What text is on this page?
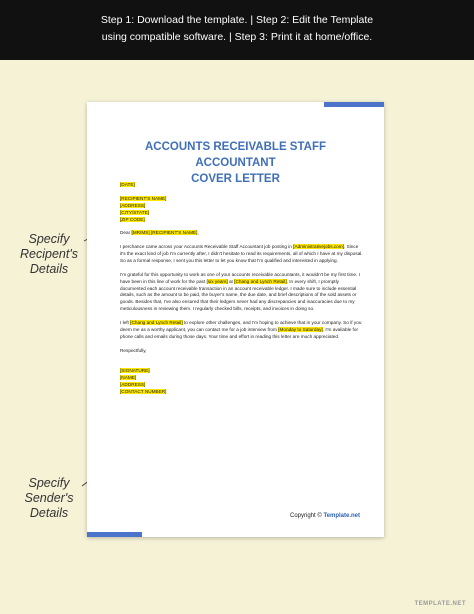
Step 1: Download the template. | Step 2: Edit the Template
using compatible software. | Step 3: Print it at home/office.
Specify
Recipent's
Details
Specify
Sender's
Details
ACCOUNTS RECEIVABLE STAFF ACCOUNTANT
COVER LETTER

[DATE]

[RECIPIENT'S NAME]

[ADDRESS]

[CITY/STATE]

[ZIP CODE]

Dear [MR/MS] [RECIPIENT'S NAME],

I perchance came across your Accounts Receivable Staff Accountant job posting in [Administrativejobs.com]. Since it's the exact kind of job I'm currently after, I didn't hesitate to read its requirements, all of which I have at my disposal. So as a formal response, I sent you this letter to let you know that I'm qualified and interested in applying.

I'm grateful for this opportunity to work as one of your accounts receivable accountants, it wouldn't be my first time. I have been in this line of work for the past [six years] at [Chang and Lynch Retail]. In every shift, I promptly documented each account receivable transaction in an account receivable ledger. I made sure to include essential details, such as the amount to be paid, the buyer's name, the due date, and brief descriptions of the sold assets or goods. Besides that, I've also ensured that their ledgers never had any discrepancies and inaccuracies due to my meticulousness in reviewing them. I regularly checked bills, receipts, and invoices in doing so.

I left [Chang and Lynch Retail] to explore other challenges, and I'm hoping to achieve that in your company. So if you deem me as a worthy applicant, you can contact me for a job interview from [Monday to Saturday]. I'm available for phone calls and emails during those days. Your time and effort in reading this letter are much appreciated.

Respectfully,

[SIGNATURE]

[NAME]

[ADDRESS]

[CONTACT NUMBER]

Copyright © Template.net
TEMPLATE.NET
